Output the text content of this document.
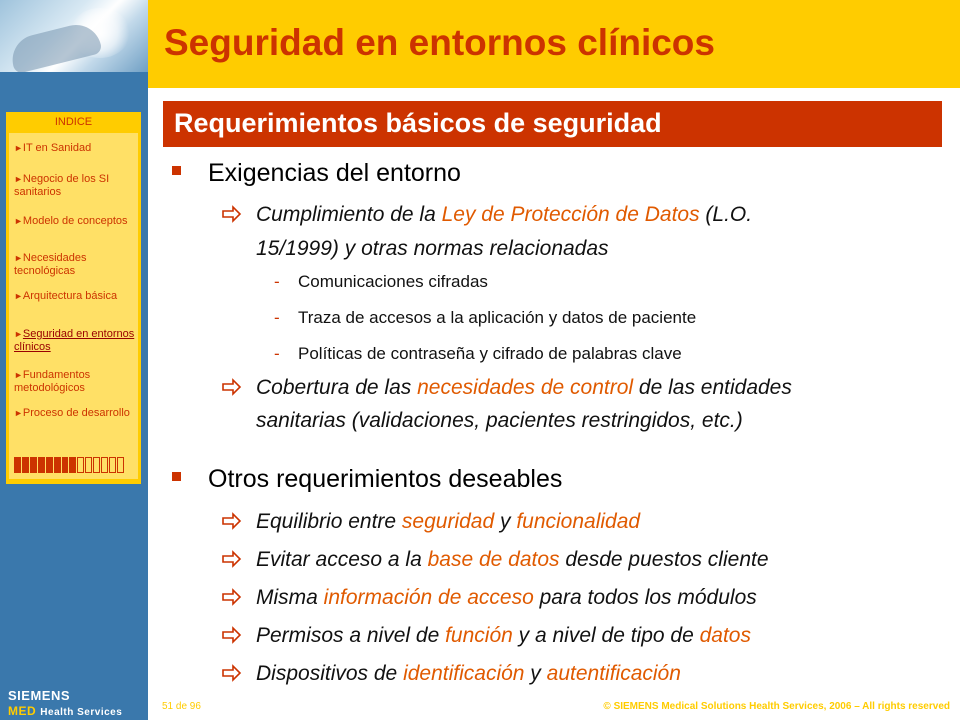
Seguridad en entornos clínicos
Requerimientos básicos de seguridad
INDICE
►IT en Sanidad
►Negocio de los SI sanitarios
►Modelo de conceptos
►Necesidades tecnológicas
►Arquitectura básica
►Seguridad en entornos clínicos
►Fundamentos metodológicos
►Proceso de desarrollo
Exigencias del entorno
Cumplimiento de la Ley de Protección de Datos (L.O.
15/1999) y otras normas relacionadas
- Comunicaciones cifradas
- Traza de accesos a la aplicación y datos de paciente
- Políticas de contraseña y cifrado de palabras clave
Cobertura de las necesidades de control de las entidades
sanitarias (validaciones, pacientes restringidos, etc.)
Otros requerimientos deseables
Equilibrio entre seguridad y funcionalidad
Evitar acceso a la base de datos desde puestos cliente
Misma información de acceso para todos los módulos
Permisos a nivel de función y a nivel de tipo de datos
Dispositivos de identificación y autentificación
SIEMENS
MED Health Services
51 de 96	© SIEMENS Medical Solutions Health Services, 2006 – All rights reserved
